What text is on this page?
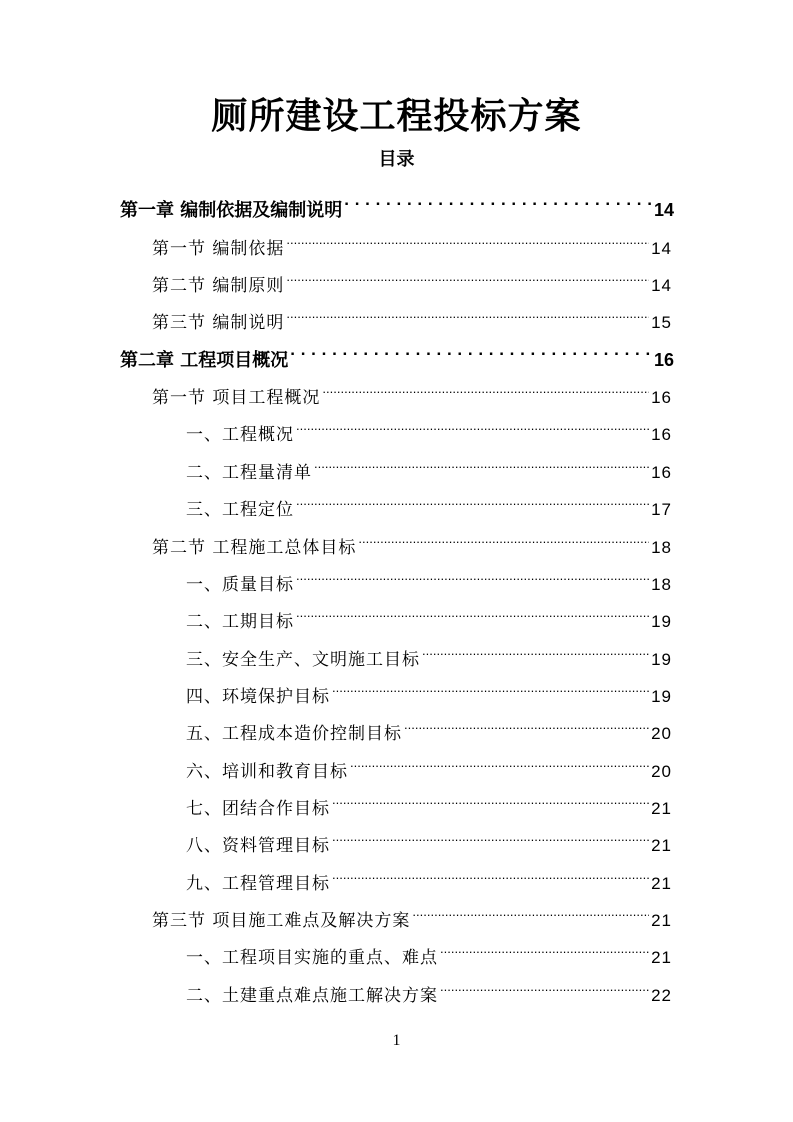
厕所建设工程投标方案
目录
第一章 编制依据及编制说明 . . .	14
第一节 编制依据 .....	14
第二节 编制原则 .....	14
第三节 编制说明 .....	15
第二章 工程项目概况 . . .	16
第一节 项目工程概况 .....	16
一、工程概况 .....	16
二、工程量清单 .....	16
三、工程定位 .....	17
第二节 工程施工总体目标 .....	18
一、质量目标 .....	18
二、工期目标 .....	19
三、安全生产、文明施工目标 .....	19
四、环境保护目标 .....	19
五、工程成本造价控制目标 .....	20
六、培训和教育目标 .....	20
七、团结合作目标 .....	21
八、资料管理目标 .....	21
九、工程管理目标 .....	21
第三节 项目施工难点及解决方案 .....	21
一、工程项目实施的重点、难点 .....	21
二、土建重点难点施工解决方案 .....	22
1
